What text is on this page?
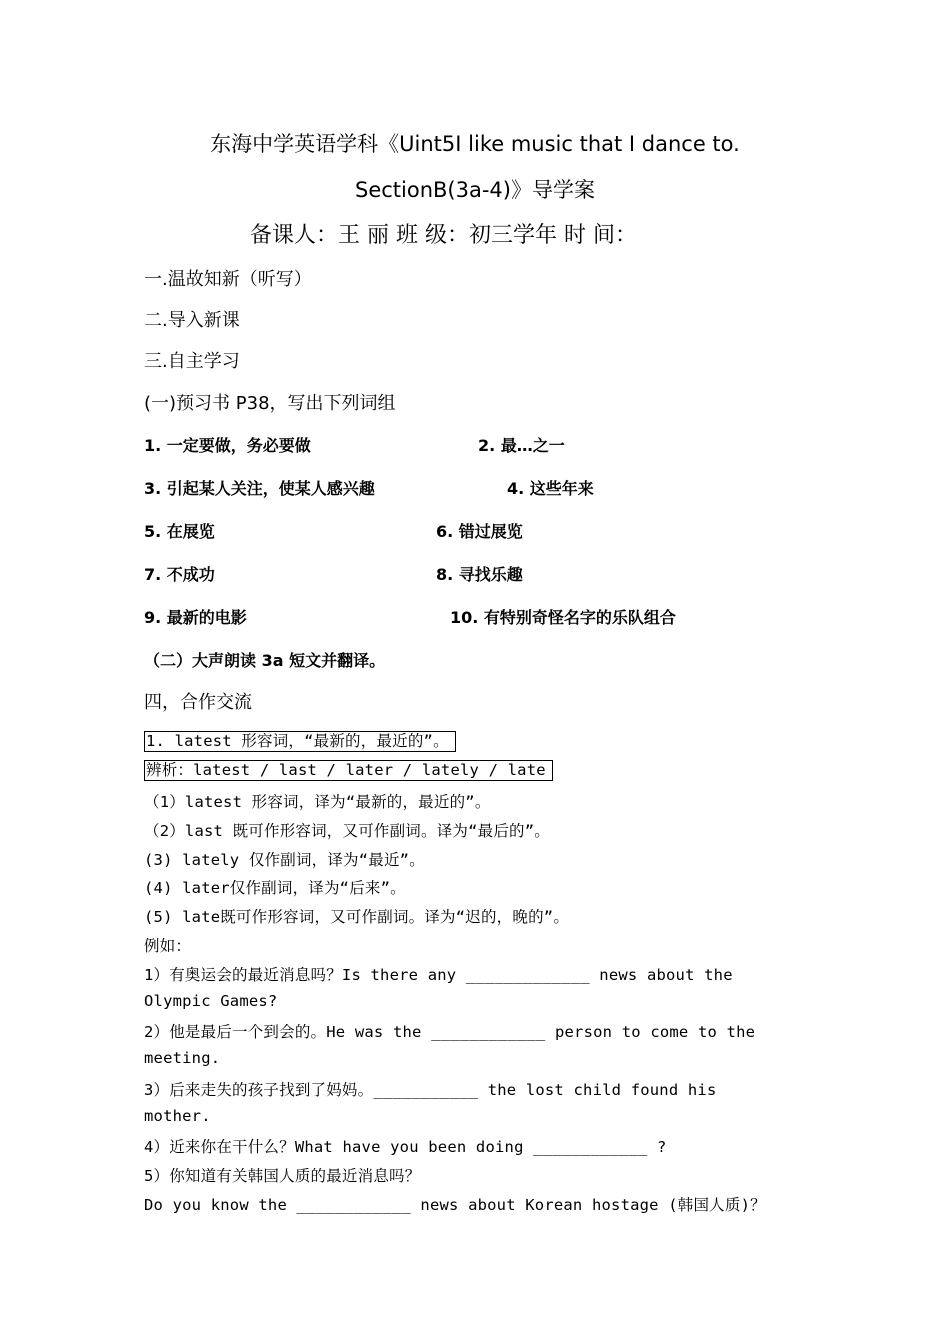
东海中学英语学科《Uint5I like music that I dance to.
SectionB(3a-4)》导学案
备课人：王 丽 班 级：初三学年 时 间：
一.温故知新（听写）
二.导入新课
三.自主学习
(一)预习书 P38，写出下列词组
1. 一定要做，务必要做	2. 最…之一
3. 引起某人关注，使某人感兴趣	4. 这些年来
5. 在展览	6. 错过展览
7. 不成功	8. 寻找乐趣
9. 最新的电影	10. 有特别奇怪名字的乐队组合
（二）大声朗读 3a 短文并翻译。
四，合作交流
1. latest 形容词，“最新的，最近的”。
辨析：latest / last / later / lately / late
（1）latest 形容词，译为“最新的，最近的”。
（2）last 既可作形容词，又可作副词。译为“最后的”。
(3) lately 仅作副词，译为“最近”。
(4) later仅作副词，译为“后来”。
(5) late既可作形容词，又可作副词。译为“迟的，晚的”。
例如：
1）有奥运会的最近消息吗？Is there any _____________ news about the
Olympic Games?
2）他是最后一个到会的。He was the ____________ person to come to the
meeting.
3）后来走失的孩子找到了妈妈。___________ the lost child found his
mother.
4）近来你在干什么？What have you been doing ____________ ?
5）你知道有关韩国人质的最近消息吗？
Do you know the ____________ news about Korean hostage (韩国人质)？
